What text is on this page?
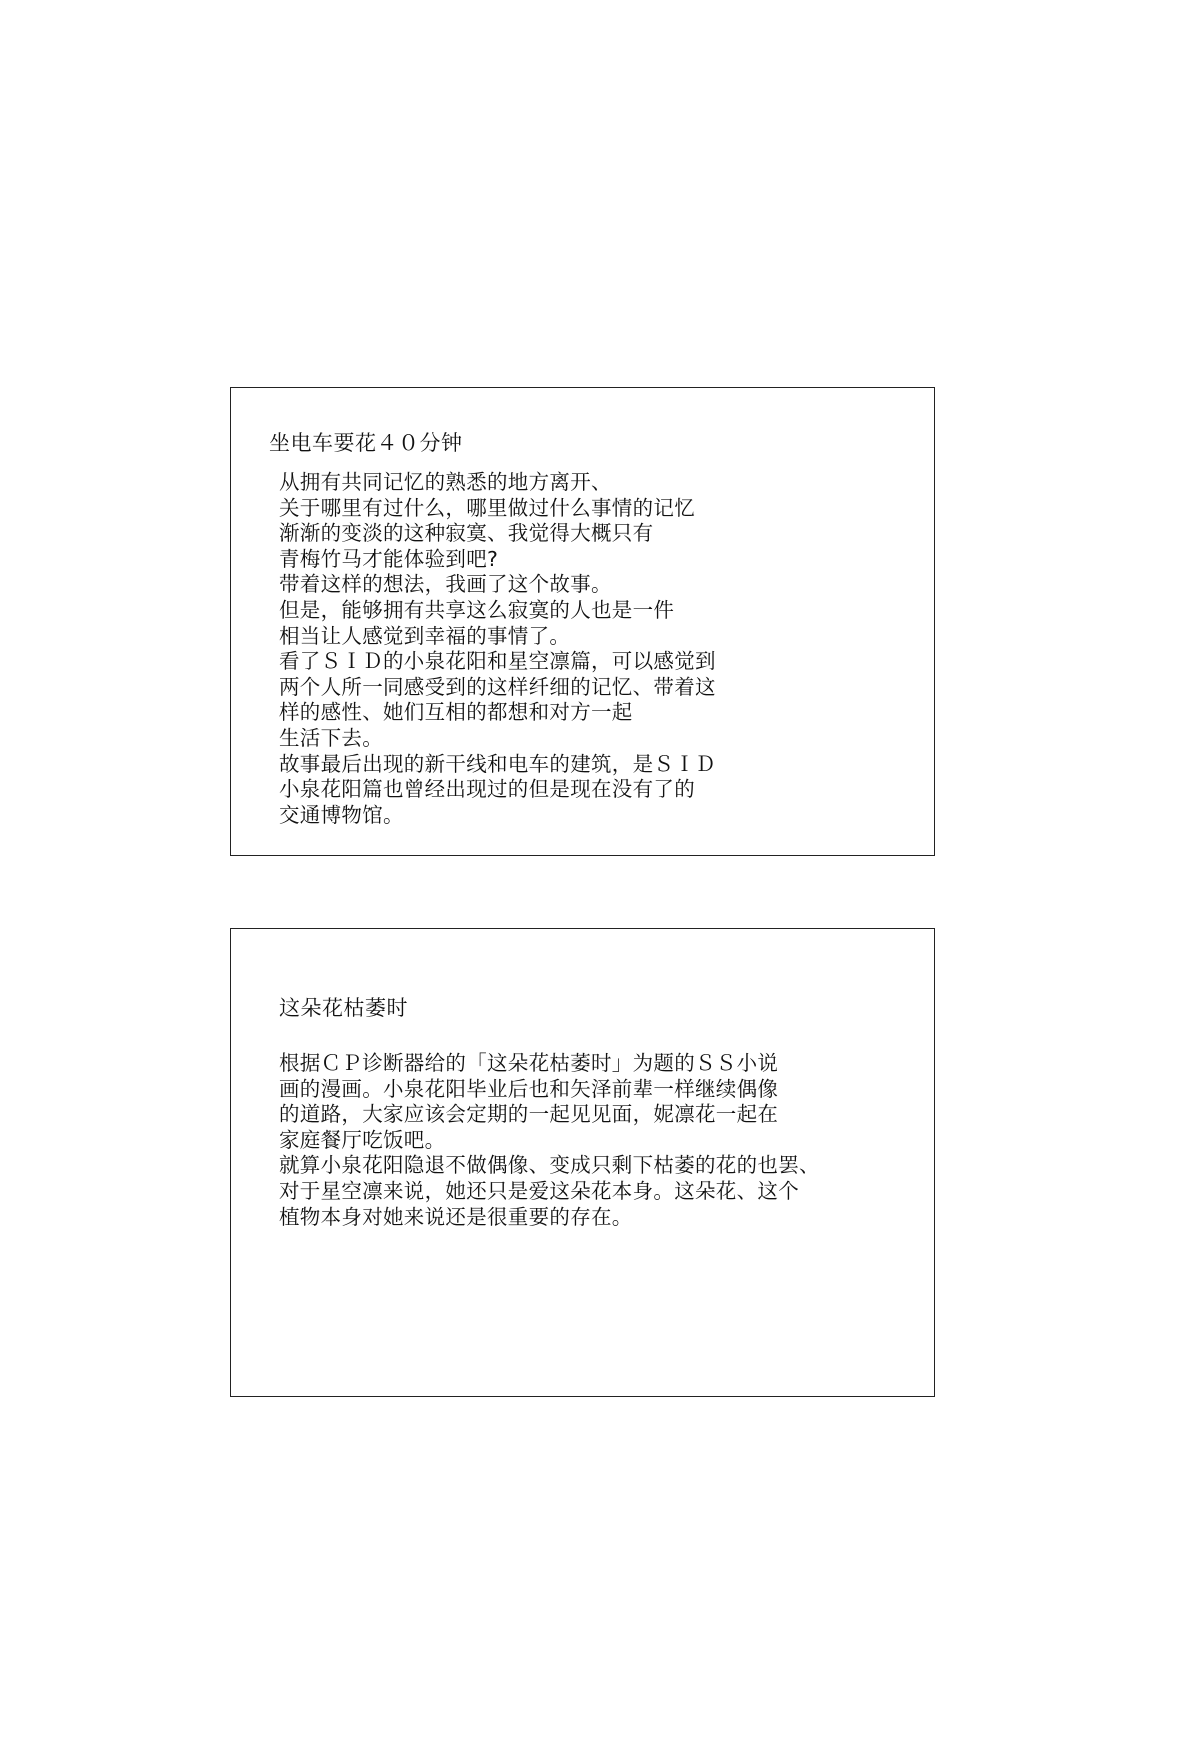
坐电车要花４０分钟
从拥有共同记忆的熟悉的地方离开、
关于哪里有过什么，哪里做过什么事情的记忆
渐渐的变淡的这种寂寞、我觉得大概只有
青梅竹马才能体验到吧?
带着这样的想法，我画了这个故事。
但是，能够拥有共享这么寂寞的人也是一件
相当让人感觉到幸福的事情了。
看了ＳＩＤ的小泉花阳和星空凛篇，可以感觉到
两个人所一同感受到的这样纤细的记忆、带着这
样的感性、她们互相的都想和对方一起
生活下去。
故事最后出现的新干线和电车的建筑，是ＳＩＤ
小泉花阳篇也曾经出现过的但是现在没有了的
交通博物馆。
这朵花枯萎时
根据ＣＰ诊断器给的「这朵花枯萎时」为题的ＳＳ小说
画的漫画。小泉花阳毕业后也和矢泽前辈一样继续偶像
的道路，大家应该会定期的一起见见面，妮凛花一起在
家庭餐厅吃饭吧。
就算小泉花阳隐退不做偶像、变成只剩下枯萎的花的也罢、
对于星空凛来说，她还只是爱这朵花本身。这朵花、这个
植物本身对她来说还是很重要的存在。
